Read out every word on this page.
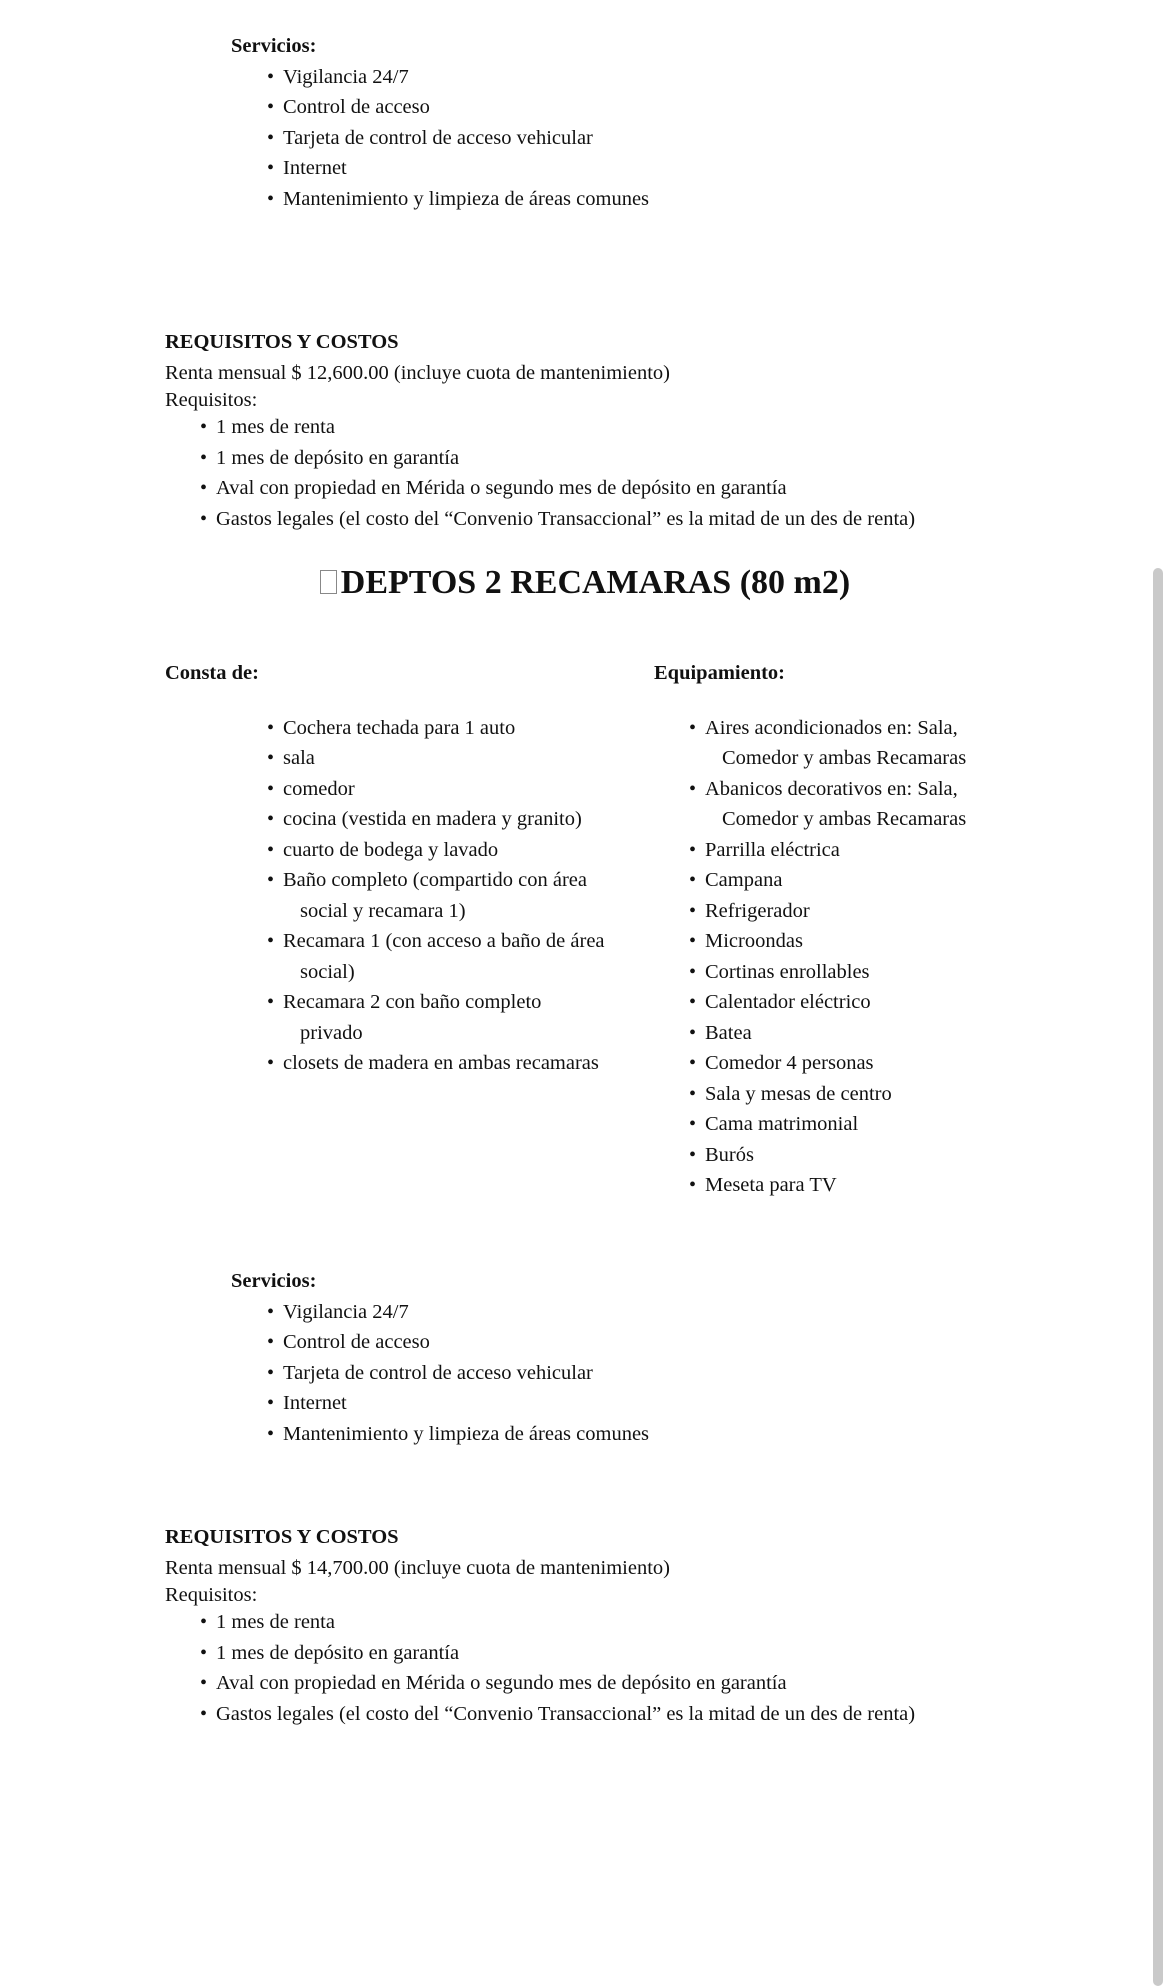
Servicios:
• Vigilancia 24/7
• Control de acceso
• Tarjeta de control de acceso vehicular
• Internet
• Mantenimiento y limpieza de áreas comunes
REQUISITOS Y COSTOS
Renta mensual $ 12,600.00 (incluye cuota de mantenimiento)
Requisitos:
• 1 mes de renta
• 1 mes de depósito en garantía
• Aval con propiedad en Mérida o segundo mes de depósito en garantía
• Gastos legales (el costo del “Convenio Transaccional” es la mitad de un des de renta)
DEPTOS 2 RECAMARAS (80 m2)
Consta de:
• Cochera techada para 1 auto
• sala
• comedor
• cocina (vestida en madera y granito)
• cuarto de bodega y lavado
• Baño completo (compartido con área social y recamara 1)
• Recamara 1 (con acceso a baño de área social)
• Recamara 2 con baño completo privado
• closets de madera en ambas recamaras
Equipamiento:
• Aires acondicionados en: Sala, Comedor y ambas Recamaras
• Abanicos decorativos en: Sala, Comedor y ambas Recamaras
• Parrilla eléctrica
• Campana
• Refrigerador
• Microondas
• Cortinas enrollables
• Calentador eléctrico
• Batea
• Comedor 4 personas
• Sala y mesas de centro
• Cama matrimonial
• Burós
• Meseta para TV
Servicios:
• Vigilancia 24/7
• Control de acceso
• Tarjeta de control de acceso vehicular
• Internet
• Mantenimiento y limpieza de áreas comunes
REQUISITOS Y COSTOS
Renta mensual $ 14,700.00 (incluye cuota de mantenimiento)
Requisitos:
• 1 mes de renta
• 1 mes de depósito en garantía
• Aval con propiedad en Mérida o segundo mes de depósito en garantía
• Gastos legales (el costo del “Convenio Transaccional” es la mitad de un des de renta)
